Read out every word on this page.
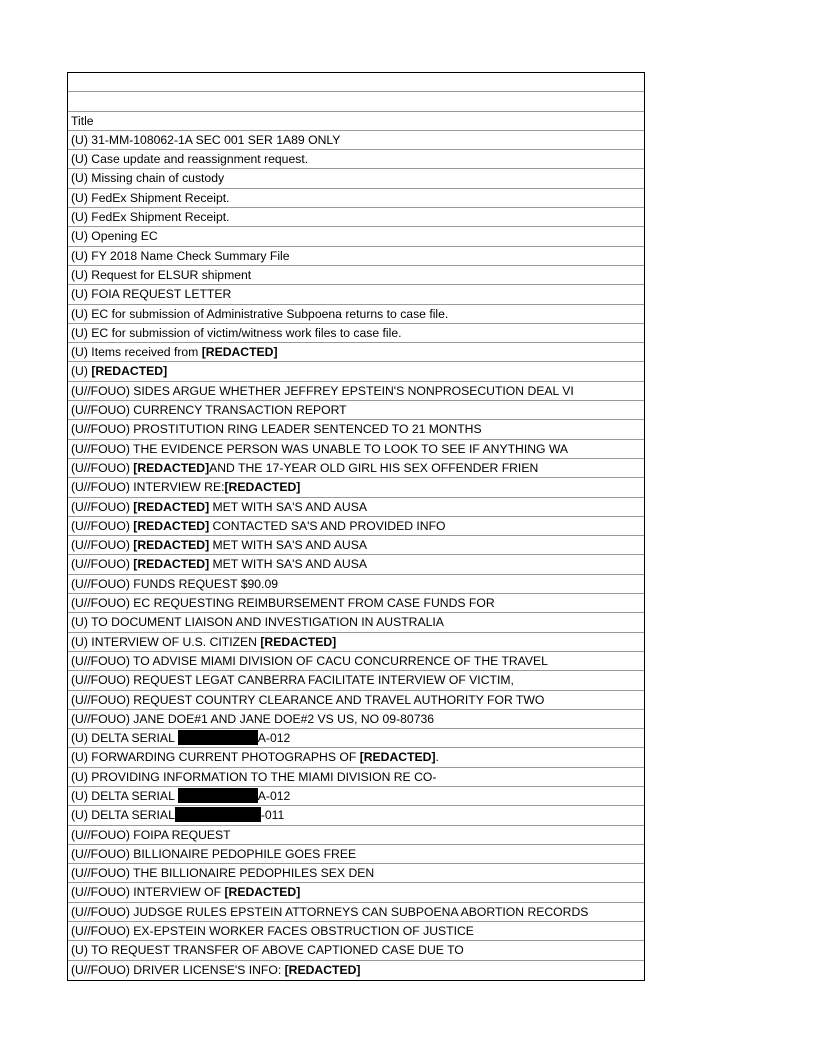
Title
(U) 31-MM-108062-1A SEC 001 SER 1A89 ONLY
(U) Case update and reassignment request.
(U) Missing chain of custody
(U) FedEx Shipment Receipt.
(U) FedEx Shipment Receipt.
(U) Opening EC
(U) FY 2018 Name Check Summary File
(U) Request for ELSUR shipment
(U) FOIA REQUEST LETTER
(U) EC for submission of Administrative Subpoena returns to case file.
(U) EC for submission of victim/witness work files to case file.
(U) Items received from [REDACTED]
(U) [REDACTED]
(U//FOUO) SIDES ARGUE WHETHER JEFFREY EPSTEIN'S NONPROSECUTION DEAL VI
(U//FOUO) CURRENCY TRANSACTION REPORT
(U//FOUO) PROSTITUTION RING LEADER SENTENCED TO 21 MONTHS
(U//FOUO) THE EVIDENCE PERSON WAS UNABLE TO LOOK TO SEE IF ANYTHING WA
(U//FOUO) [REDACTED]AND THE 17-YEAR OLD GIRL HIS SEX OFFENDER FRIEN
(U//FOUO) INTERVIEW RE:[REDACTED]
(U//FOUO) [REDACTED] MET WITH SA'S AND AUSA
(U//FOUO) [REDACTED] CONTACTED SA'S AND PROVIDED INFO
(U//FOUO) [REDACTED] MET WITH SA'S AND AUSA
(U//FOUO) [REDACTED] MET WITH SA'S AND AUSA
(U//FOUO) FUNDS REQUEST $90.09
(U//FOUO) EC REQUESTING REIMBURSEMENT FROM CASE FUNDS FOR
(U) TO DOCUMENT LIAISON AND INVESTIGATION IN AUSTRALIA
(U) INTERVIEW OF U.S. CITIZEN [REDACTED]
(U//FOUO) TO ADVISE MIAMI DIVISION OF CACU CONCURRENCE OF THE TRAVEL
(U//FOUO) REQUEST LEGAT CANBERRA FACILITATE INTERVIEW OF VICTIM,
(U//FOUO) REQUEST COUNTRY CLEARANCE AND TRAVEL AUTHORITY FOR TWO
(U//FOUO) JANE DOE#1 AND JANE DOE#2 VS US, NO 09-80736
(U) DELTA SERIAL	A-012
(U) FORWARDING CURRENT PHOTOGRAPHS OF [REDACTED].
(U) PROVIDING INFORMATION TO THE MIAMI DIVISION RE CO-
(U) DELTA SERIAL	A-012
(U) DELTA SERIAL	-011
(U//FOUO) FOIPA REQUEST
(U//FOUO) BILLIONAIRE PEDOPHILE GOES FREE
(U//FOUO) THE BILLIONAIRE PEDOPHILES SEX DEN
(U//FOUO) INTERVIEW OF [REDACTED]
(U//FOUO) JUDSGE RULES EPSTEIN ATTORNEYS CAN SUBPOENA ABORTION RECORDS
(U//FOUO) EX-EPSTEIN WORKER FACES OBSTRUCTION OF JUSTICE
(U) TO REQUEST TRANSFER OF ABOVE CAPTIONED CASE DUE TO
(U//FOUO) DRIVER LICENSE'S INFO: [REDACTED]
